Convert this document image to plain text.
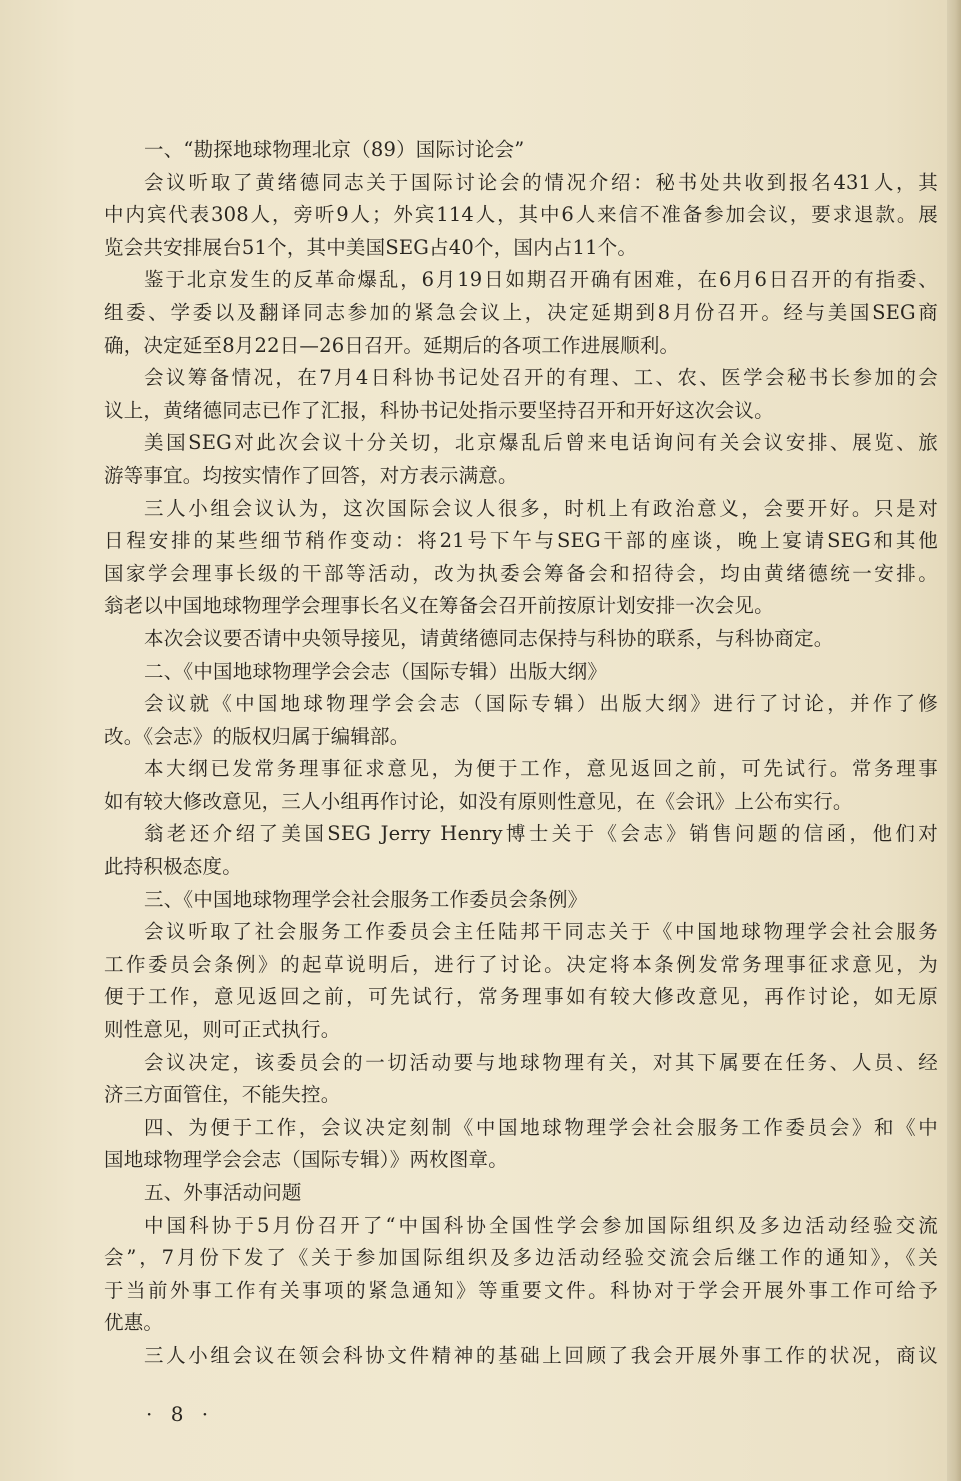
一、“勘探地球物理北京（89）国际讨论会”
会议听取了黄绪德同志关于国际讨论会的情况介绍：秘书处共收到报名431人，其
中内宾代表308人，旁听9人；外宾114人，其中6人来信不准备参加会议，要求退款。展
览会共安排展台51个，其中美国SEG占40个，国内占11个。
鉴于北京发生的反革命爆乱，6月19日如期召开确有困难，在6月6日召开的有指委、
组委、学委以及翻译同志参加的紧急会议上，决定延期到8月份召开。经与美国SEG商
确，决定延至8月22日—26日召开。延期后的各项工作进展顺利。
会议筹备情况，在7月4日科协书记处召开的有理、工、农、医学会秘书长参加的会
议上，黄绪德同志已作了汇报，科协书记处指示要坚持召开和开好这次会议。
美国SEG对此次会议十分关切，北京爆乱后曾来电话询问有关会议安排、展览、旅
游等事宜。均按实情作了回答，对方表示满意。
三人小组会议认为，这次国际会议人很多，时机上有政治意义，会要开好。只是对
日程安排的某些细节稍作变动：将21号下午与SEG干部的座谈，晚上宴请SEG和其他
国家学会理事长级的干部等活动，改为执委会筹备会和招待会，均由黄绪德统一安排。
翁老以中国地球物理学会理事长名义在筹备会召开前按原计划安排一次会见。
本次会议要否请中央领导接见，请黄绪德同志保持与科协的联系，与科协商定。
二、《中国地球物理学会会志（国际专辑）出版大纲》
会议就《中国地球物理学会会志（国际专辑）出版大纲》进行了讨论，并作了修
改。《会志》的版权归属于编辑部。
本大纲已发常务理事征求意见，为便于工作，意见返回之前，可先试行。常务理事
如有较大修改意见，三人小组再作讨论，如没有原则性意见，在《会讯》上公布实行。
翁老还介绍了美国SEG Jerry Henry博士关于《会志》销售问题的信函，他们对
此持积极态度。
三、《中国地球物理学会社会服务工作委员会条例》
会议听取了社会服务工作委员会主任陆邦干同志关于《中国地球物理学会社会服务
工作委员会条例》的起草说明后，进行了讨论。决定将本条例发常务理事征求意见，为
便于工作，意见返回之前，可先试行，常务理事如有较大修改意见，再作讨论，如无原
则性意见，则可正式执行。
会议决定，该委员会的一切活动要与地球物理有关，对其下属要在任务、人员、经
济三方面管住，不能失控。
四、为便于工作，会议决定刻制《中国地球物理学会社会服务工作委员会》和《中
国地球物理学会会志（国际专辑）》两枚图章。
五、外事活动问题
中国科协于5月份召开了“中国科协全国性学会参加国际组织及多边活动经验交流
会”，7月份下发了《关于参加国际组织及多边活动经验交流会后继工作的通知》，《关
于当前外事工作有关事项的紧急通知》等重要文件。科协对于学会开展外事工作可给予
优惠。
三人小组会议在领会科协文件精神的基础上回顾了我会开展外事工作的状况，商议
· 8 ·
